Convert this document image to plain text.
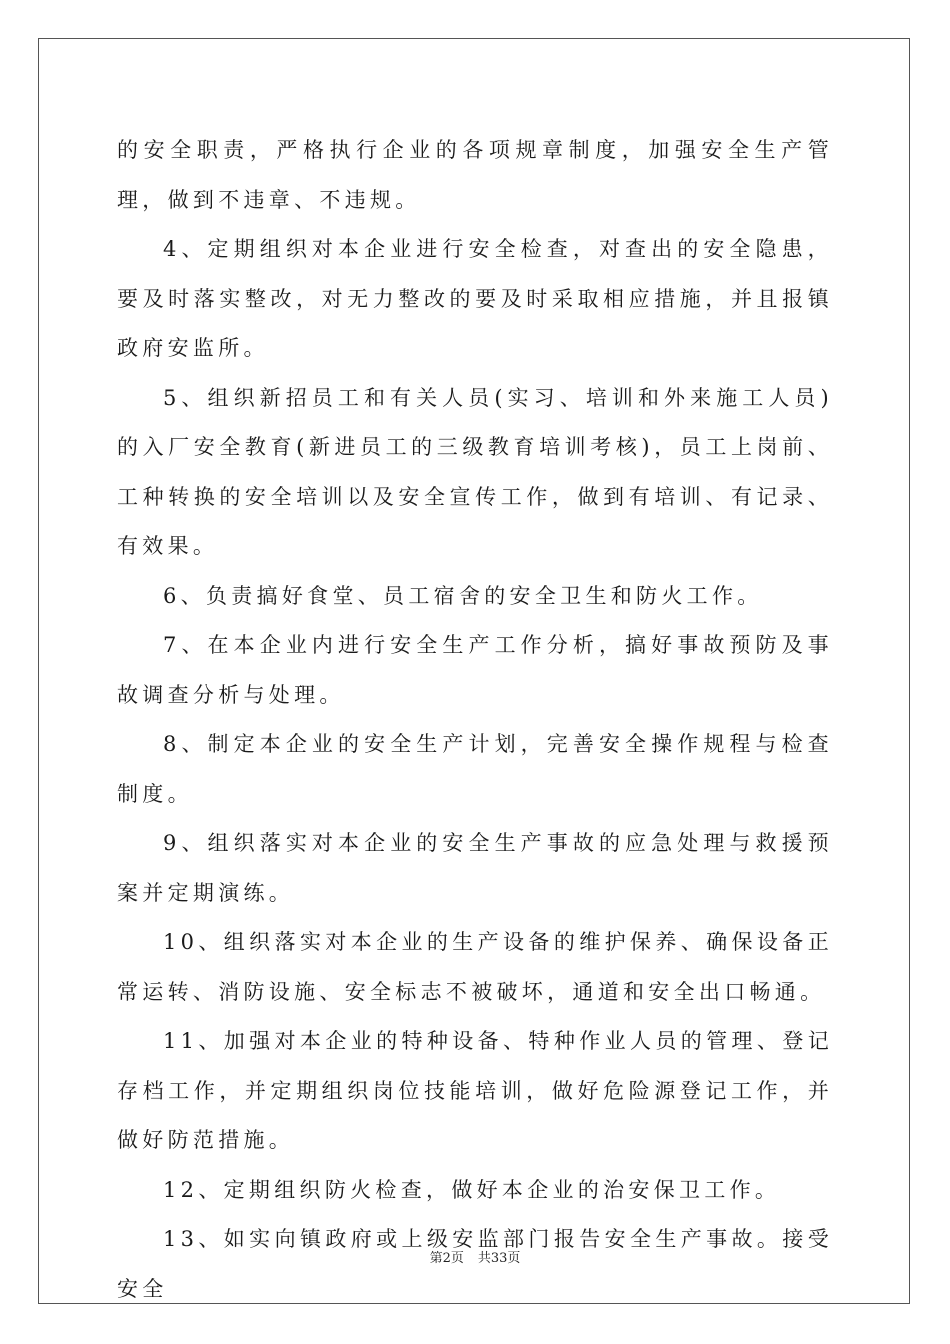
的安全职责，严格执行企业的各项规章制度，加强安全生产管理，做到不违章、不违规。

4、定期组织对本企业进行安全检查，对查出的安全隐患，要及时落实整改，对无力整改的要及时采取相应措施，并且报镇政府安监所。

5、组织新招员工和有关人员(实习、培训和外来施工人员)的入厂安全教育(新进员工的三级教育培训考核)，员工上岗前、工种转换的安全培训以及安全宣传工作，做到有培训、有记录、有效果。

6、负责搞好食堂、员工宿舍的安全卫生和防火工作。

7、在本企业内进行安全生产工作分析，搞好事故预防及事故调查分析与处理。

8、制定本企业的安全生产计划，完善安全操作规程与检查制度。

9、组织落实对本企业的安全生产事故的应急处理与救援预案并定期演练。

10、组织落实对本企业的生产设备的维护保养、确保设备正常运转、消防设施、安全标志不被破坏，通道和安全出口畅通。

11、加强对本企业的特种设备、特种作业人员的管理、登记存档工作，并定期组织岗位技能培训，做好危险源登记工作，并做好防范措施。

12、定期组织防火检查，做好本企业的治安保卫工作。

13、如实向镇政府或上级安监部门报告安全生产事故。接受安全

第2页 共33页
